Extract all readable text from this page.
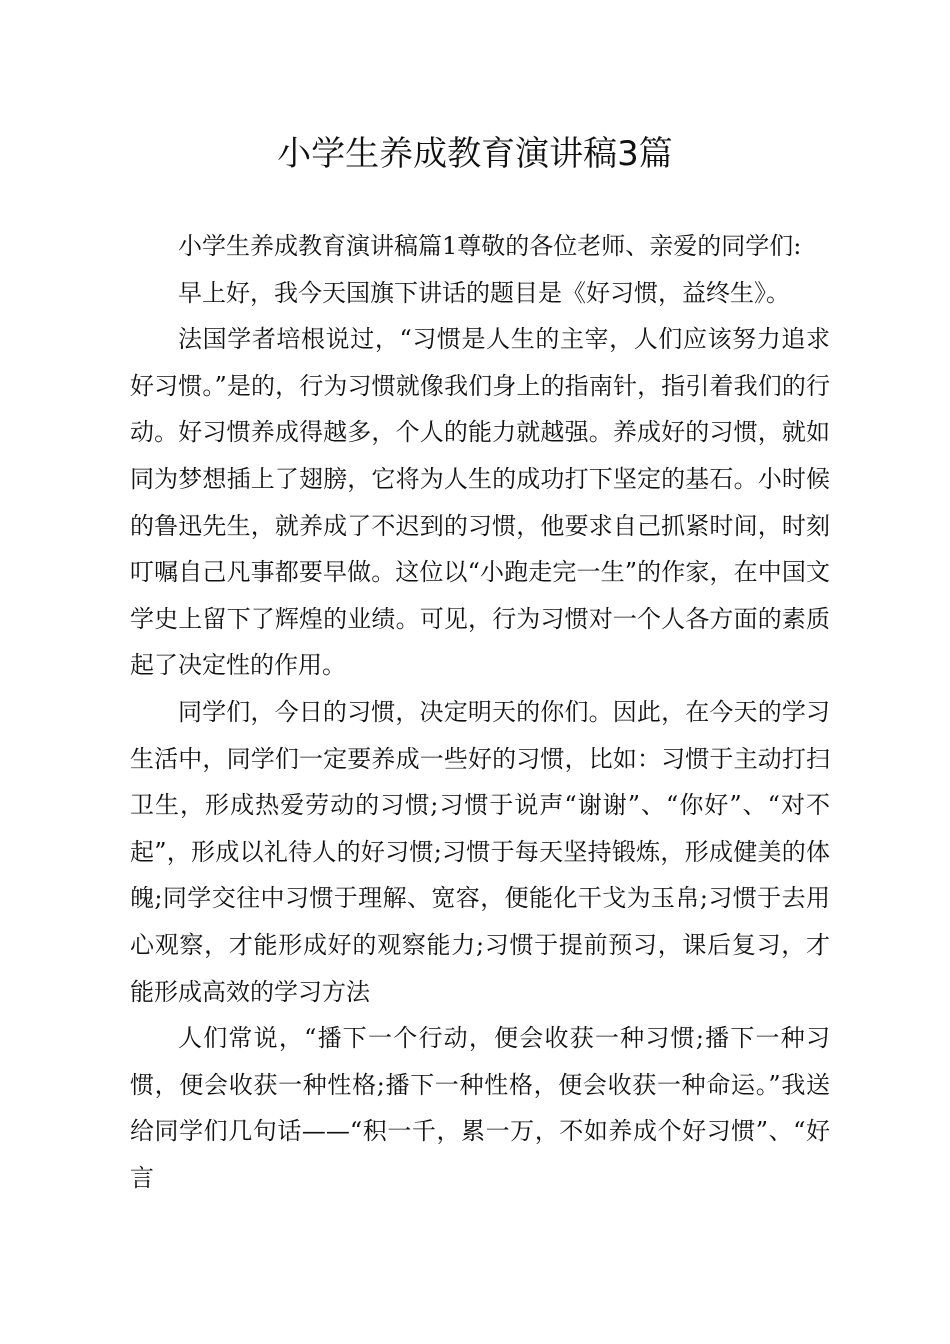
小学生养成教育演讲稿3篇

小学生养成教育演讲稿篇1尊敬的各位老师、亲爱的同学们:

早上好，我今天国旗下讲话的题目是《好习惯，益终生》。

法国学者培根说过，“习惯是人生的主宰，人们应该努力追求好习惯。”是的，行为习惯就像我们身上的指南针，指引着我们的行动。好习惯养成得越多，个人的能力就越强。养成好的习惯，就如同为梦想插上了翅膀，它将为人生的成功打下坚定的基石。小时候的鲁迅先生，就养成了不迟到的习惯，他要求自己抓紧时间，时刻叮嘱自己凡事都要早做。这位以“小跑走完一生”的作家，在中国文学史上留下了辉煌的业绩。可见，行为习惯对一个人各方面的素质起了决定性的作用。

同学们，今日的习惯，决定明天的你们。因此，在今天的学习生活中，同学们一定要养成一些好的习惯，比如：习惯于主动打扫卫生，形成热爱劳动的习惯;习惯于说声“谢谢”、“你好”、“对不起”，形成以礼待人的好习惯;习惯于每天坚持锻炼，形成健美的体魄;同学交往中习惯于理解、宽容，便能化干戈为玉帛;习惯于去用心观察，才能形成好的观察能力;习惯于提前预习，课后复习，才能形成高效的学习方法

人们常说，“播下一个行动，便会收获一种习惯;播下一种习惯，便会收获一种性格;播下一种性格，便会收获一种命运。”我送给同学们几句话——“积一千，累一万，不如养成个好习惯”、“好言
